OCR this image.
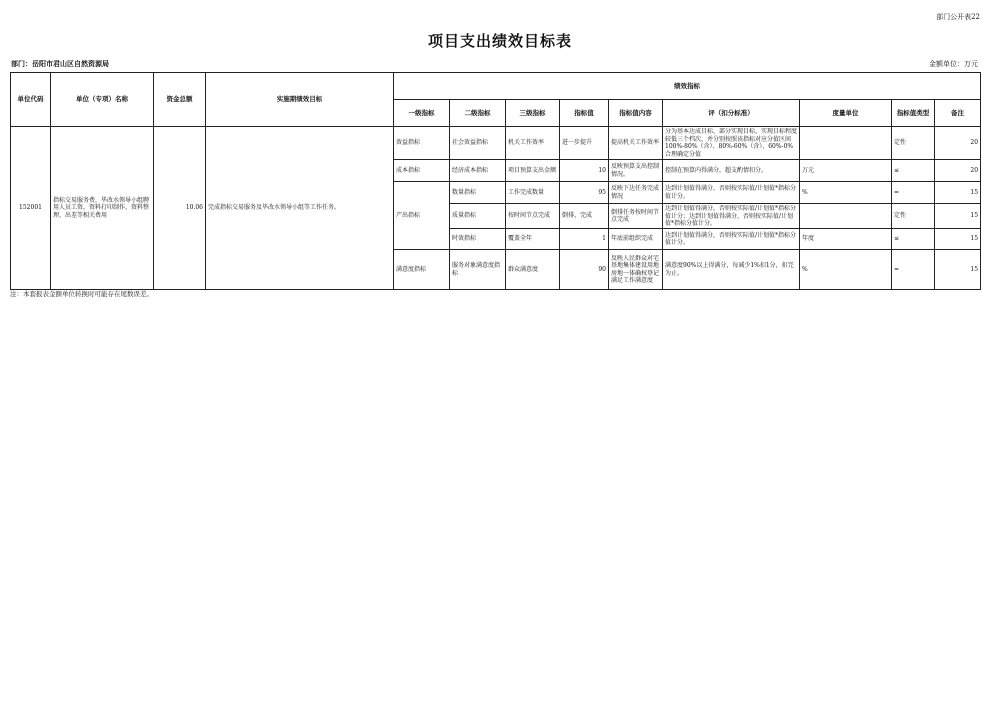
部门公开表22
项目支出绩效目标表
部门：岳阳市君山区自然资源局	金额单位：万元
单位代码	单位（专项）名称	资金总额	实施期绩效目标	绩效指标								
				一级指标	二级指标	三级指标	指标值	指标值内容	评（扣分标准）	度量单位	指标值类型	备注
152001	指标交易服务费，毕改水领导小组聘用人员工资，资料打印制作、资料整理、出差等相关费用	10.06	完成指标交易服务及毕改水领导小组等工作任务。	效益指标	社会效益指标	机关工作效率	进一步提升	提高机关工作效率	分为基本达成目标，部分实现目标，实现目标程度较低三个档次，并分别按照该指标对应分值区间100%-80%（含）、80%-60%（含）、60%-0%合理确定分值		定性	20
				成本指标	经济成本指标	项目预算支出金额	10	反映预算支出控制情况。	控制在预算内得满分，超支酌情扣分。	万元	≤	20
				产出指标	数量指标	工作完成数量	95	反映下达任务完成情况	达到计划值得满分，否则按实际值/计划值*指标分值计分。	%	=	15
					质量指标	按时间节点完成	倒排、完成	倒排任务按时间节点完成	达到计划值得满分，否则按实际值/计划值*指标分值计分；达到计划值得满分，否则按实际值/计划值*指标分值计分。		定性	15
					时效指标	覆盖全年	1	年底前组织完成	达到计划值得满分，否则按实际值/计划值*指标分值计分。	年度	≤	15
				满意度指标	服务对象满意度指标	群众满意度	90	反映人民群众对宅基地集体建设用地房地一体确权登记满足工作满意度	满意度90%以上得满分，每减少1%扣1分，扣完为止。	%	=	15
注：本套报表金额单位转换时可能存在尾数误差。
